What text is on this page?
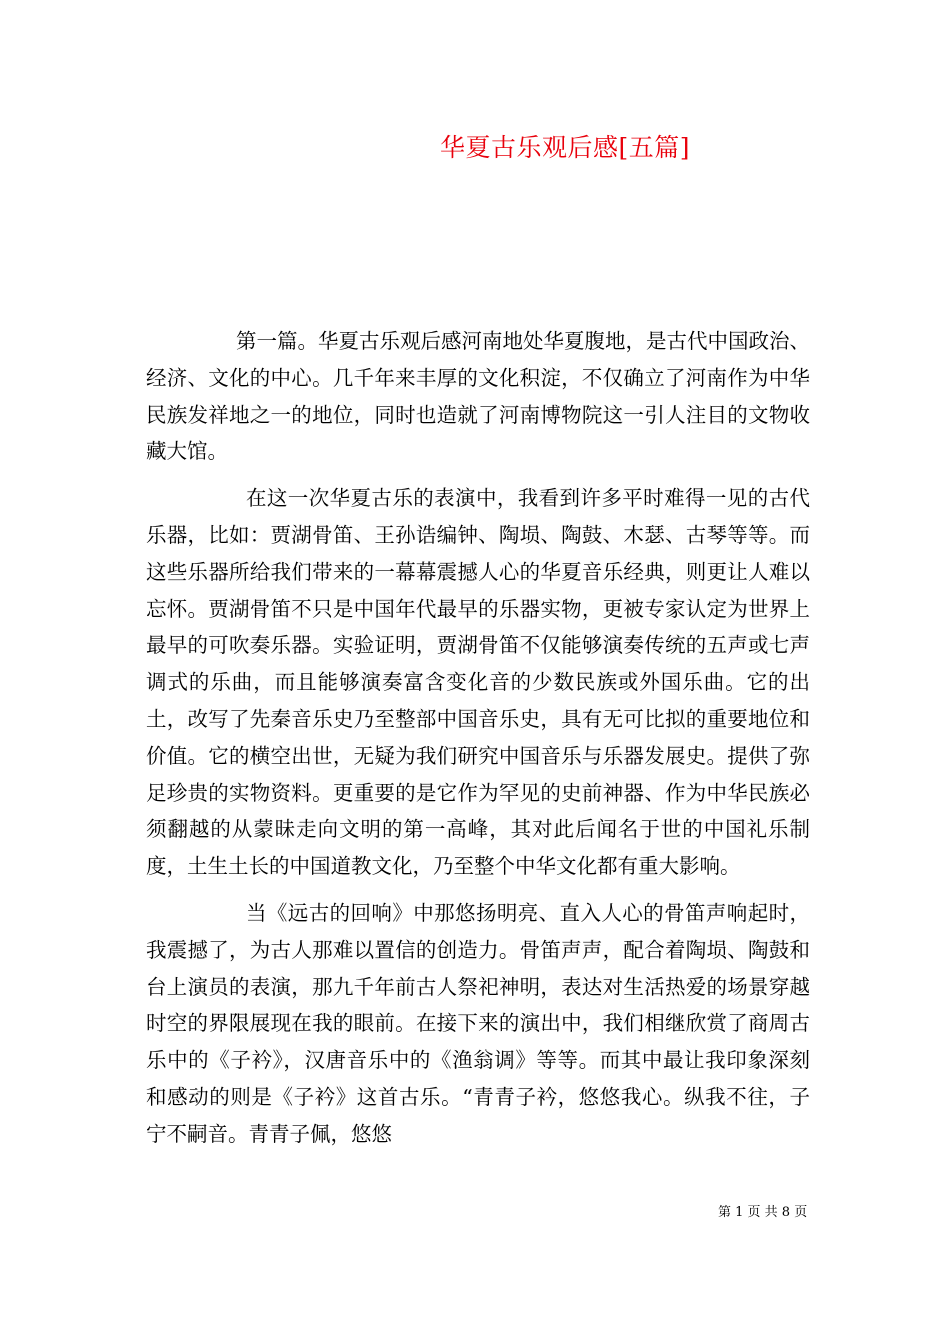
华夏古乐观后感[五篇]

第一篇。华夏古乐观后感河南地处华夏腹地，是古代中国政治、经济、文化的中心。几千年来丰厚的文化积淀，不仅确立了河南作为中华民族发祥地之一的地位，同时也造就了河南博物院这一引人注目的文物收藏大馆。

在这一次华夏古乐的表演中，我看到许多平时难得一见的古代乐器，比如：贾湖骨笛、王孙诰编钟、陶埙、陶鼓、木瑟、古琴等等。而这些乐器所给我们带来的一幕幕震撼人心的华夏音乐经典，则更让人难以忘怀。贾湖骨笛不只是中国年代最早的乐器实物，更被专家认定为世界上最早的可吹奏乐器。实验证明，贾湖骨笛不仅能够演奏传统的五声或七声调式的乐曲，而且能够演奏富含变化音的少数民族或外国乐曲。它的出土，改写了先秦音乐史乃至整部中国音乐史，具有无可比拟的重要地位和价值。它的横空出世，无疑为我们研究中国音乐与乐器发展史。提供了弥足珍贵的实物资料。更重要的是它作为罕见的史前神器、作为中华民族必须翻越的从蒙昧走向文明的第一高峰，其对此后闻名于世的中国礼乐制度，土生土长的中国道教文化，乃至整个中华文化都有重大影响。

当《远古的回响》中那悠扬明亮、直入人心的骨笛声响起时，我震撼了，为古人那难以置信的创造力。骨笛声声，配合着陶埙、陶鼓和台上演员的表演，那九千年前古人祭祀神明，表达对生活热爱的场景穿越时空的界限展现在我的眼前。在接下来的演出中，我们相继欣赏了商周古乐中的《子衿》，汉唐音乐中的《渔翁调》等等。而其中最让我印象深刻和感动的则是《子衿》这首古乐。“青青子衿，悠悠我心。纵我不往，子宁不嗣音。青青子佩，悠悠

第 1 页 共 8 页
